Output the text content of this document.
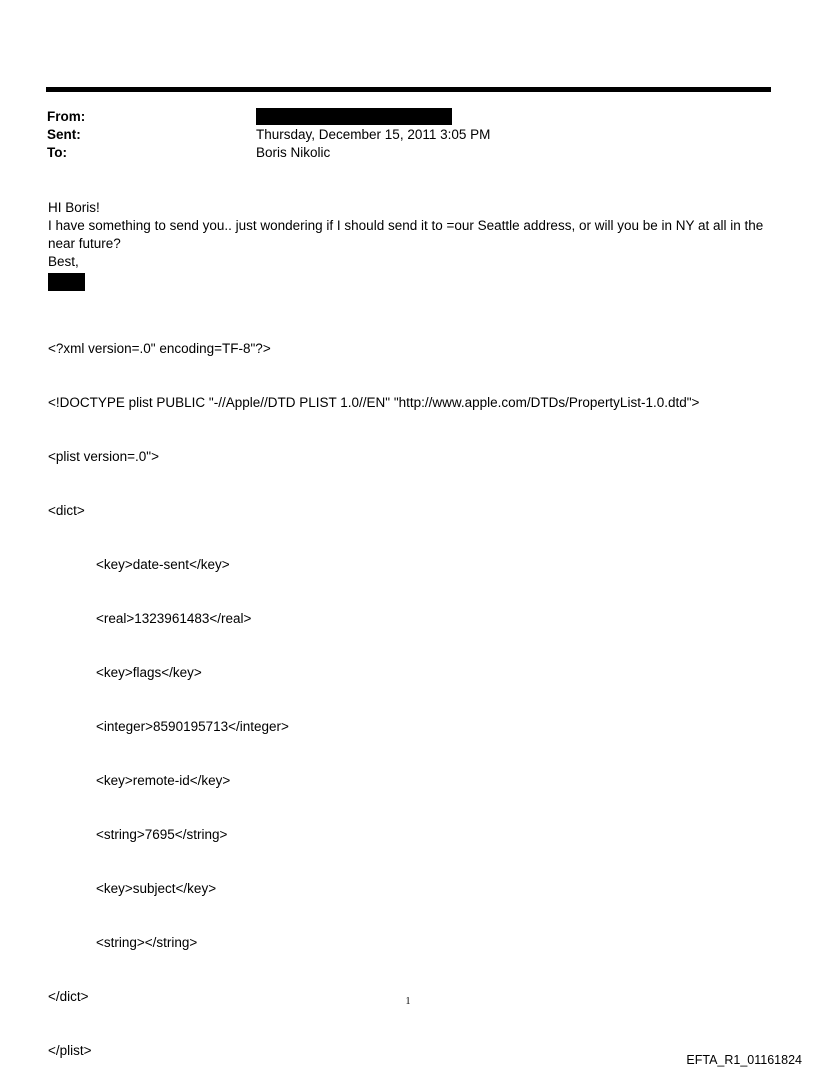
From:
Sent:	Thursday, December 15, 2011 3:05 PM
To:	Boris Nikolic

HI Boris!

I have something to send you.. just wondering if I should send it to =our Seattle address, or will you be in NY at all in the near future?

Best,

<?xml version=.0" encoding=TF-8"?>

<!DOCTYPE plist PUBLIC "-//Apple//DTD PLIST 1.0//EN" "http://www.apple.com/DTDs/PropertyList-1.0.dtd">

<plist version=.0">

<dict>

<key>date-sent</key>

<real>1323961483</real>

<key>flags</key>

<integer>8590195713</integer>

<key>remote-id</key>

<string>7695</string>

<key>subject</key>

<string></string>

</dict>

</plist>

1
EFTA_R1_01161824
